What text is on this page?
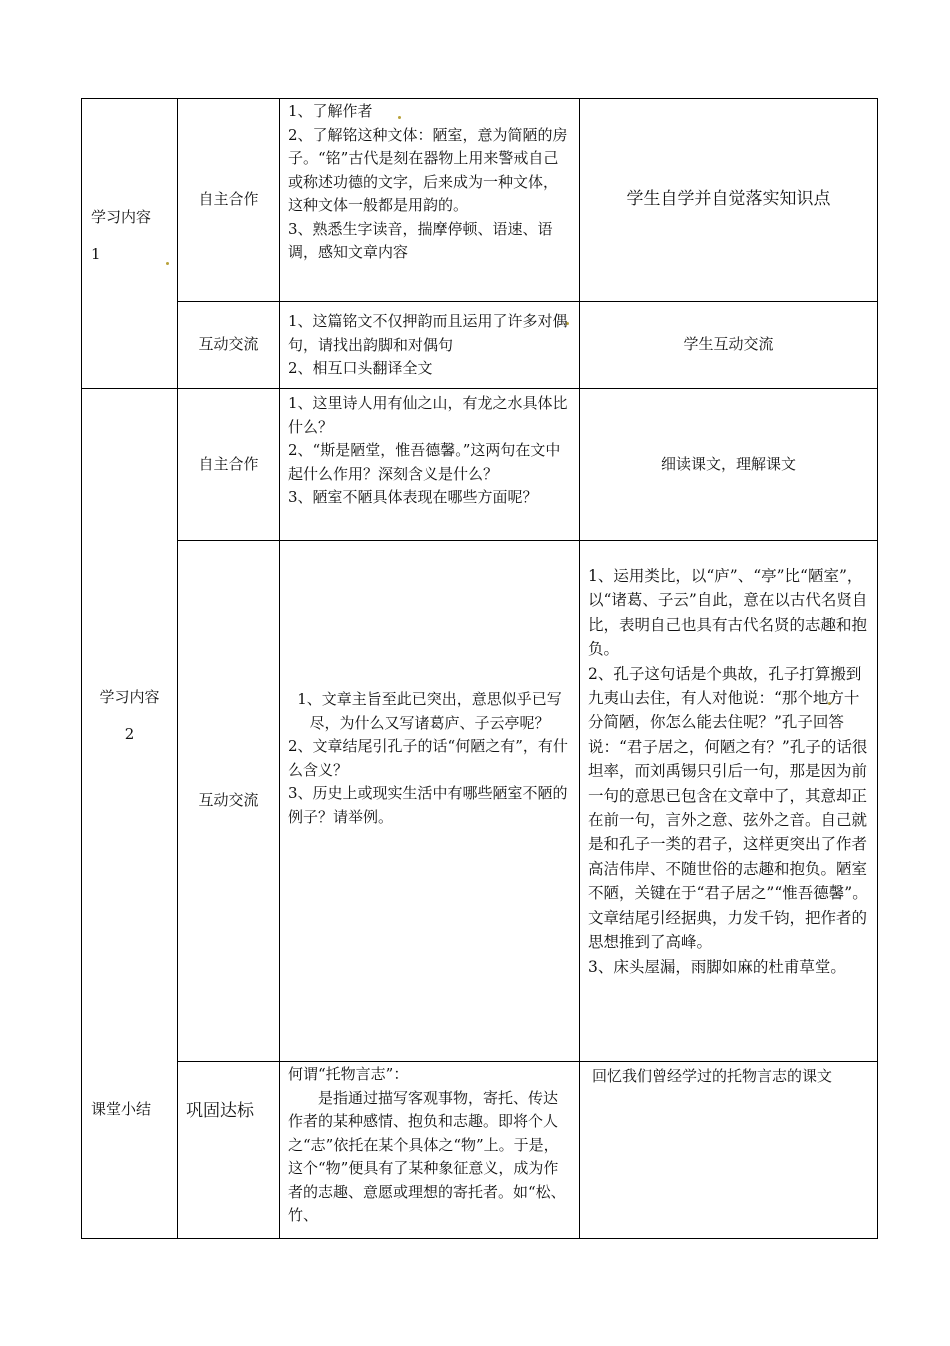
学习内容
1
自主合作

1、了解作者

2、了解铭这种文体：陋室，意为简陋的房子。“铭”古代是刻在器物上用来警戒自己或称述功德的文字，后来成为一种文体，这种文体一般都是用韵的。

3、熟悉生字读音，揣摩停顿、语速、语调，感知文章内容

学生自学并自觉落实知识点
互动交流

1、这篇铭文不仅押韵而且运用了许多对偶句，请找出韵脚和对偶句

2、相互口头翻译全文

学生互动交流
学习内容
2
自主合作

1、这里诗人用有仙之山，有龙之水具体比什么？

2、“斯是陋堂，惟吾德馨。”这两句在文中起什么作用？深刻含义是什么？

3、陋室不陋具体表现在哪些方面呢？

细读课文，理解课文
互动交流

1、文章主旨至此已突出，意思似乎已写尽，为什么又写诸葛庐、子云亭呢？

2、文章结尾引孔子的话“何陋之有”，有什么含义？

3、历史上或现实生活中有哪些陋室不陋的例子？请举例。

1、运用类比，以“庐”、“亭”比“陋室”，以“诸葛、子云”自此，意在以古代名贤自比，表明自己也具有古代名贤的志趣和抱负。

2、孔子这句话是个典故，孔子打算搬到九夷山去住，有人对他说：“那个地方十分简陋，你怎么能去住呢？”孔子回答说：“君子居之，何陋之有？”孔子的话很坦率，而刘禹锡只引后一句，那是因为前一句的意思已包含在文章中了，其意却正在前一句，言外之意、弦外之音。自己就是和孔子一类的君子，这样更突出了作者高洁伟岸、不随世俗的志趣和抱负。陋室不陋，关键在于“君子居之”“惟吾德馨”。文章结尾引经据典，力发千钧，把作者的思想推到了高峰。

3、床头屋漏，雨脚如麻的杜甫草堂。

课堂小结	巩固达标

何谓“托物言志”：

是指通过描写客观事物，寄托、传达作者的某种感情、抱负和志趣。即将个人之“志”依托在某个具体之“物”上。于是，这个“物”便具有了某种象征意义，成为作者的志趣、意愿或理想的寄托者。如“松、竹、

回忆我们曾经学过的托物言志的课文
